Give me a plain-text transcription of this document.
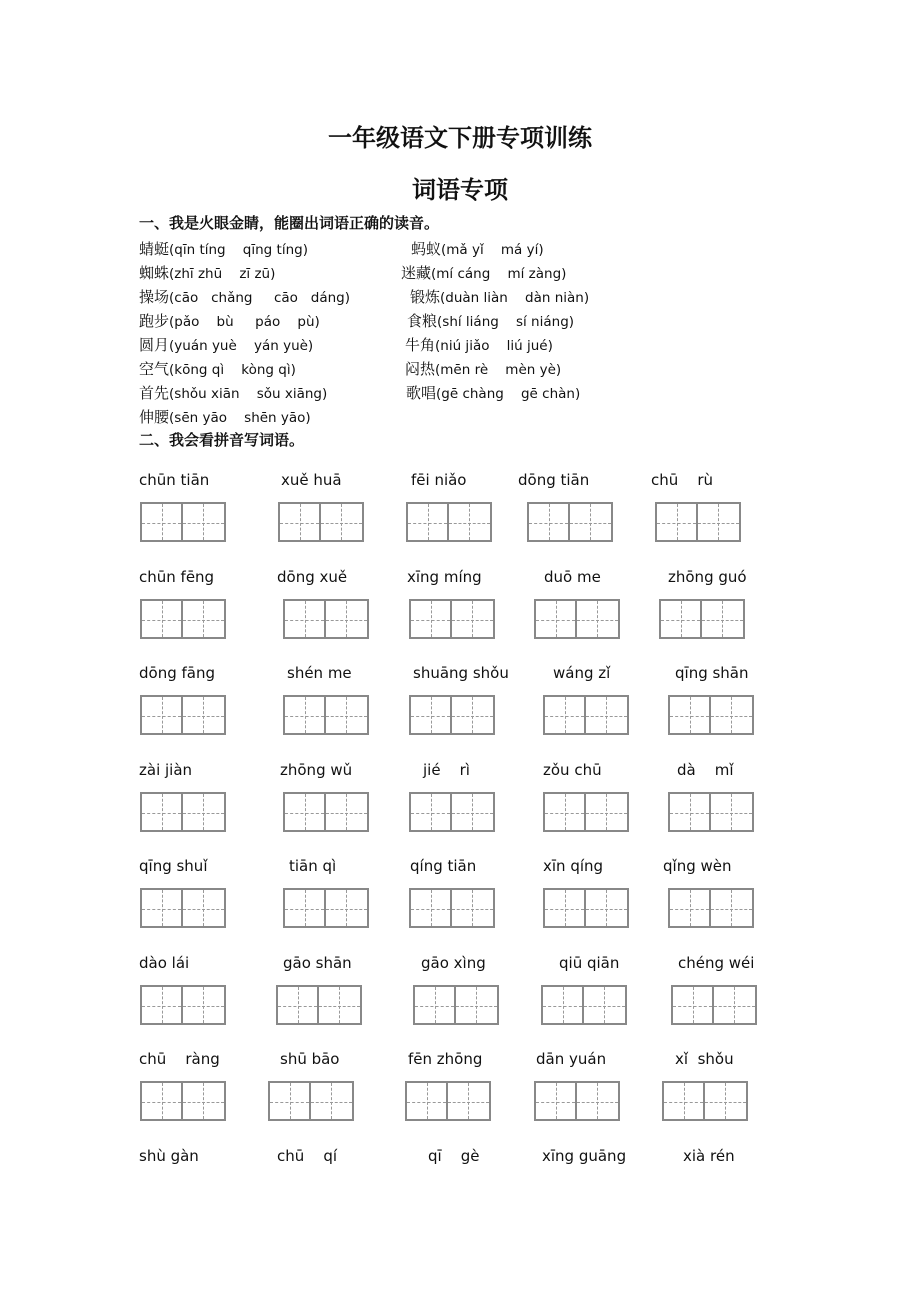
一年级语文下册专项训练
词语专项
一、我是火眼金睛，能圈出词语正确的读音。
蜻蜓(qīn tíng    qīng tíng)	蚂蚁(mǎ yǐ    má yí)
蜘蛛(zhī zhū    zī zū)	迷藏(mí cáng    mí zàng)
操场(cāo   chǎng     cāo   dáng)	锻炼(duàn liàn    dàn niàn)
跑步(pǎo    bù     páo    pù)	食粮(shí liáng    sí niáng)
圆月(yuán yuè    yán yuè)	牛角(niú jiǎo    liú jué)
空气(kōng qì    kòng qì)	闷热(mēn rè    mèn yè)
首先(shǒu xiān    sǒu xiāng)	歌唱(gē chàng    gē chàn)
伸腰(sēn yāo    shēn yāo)
二、我会看拼音写词语。
chūn tiān	xuě huā	fēi niǎo	dōng tiān	chū    rù
chūn fēng	dōng xuě	xīng míng	duō me	zhōng guó
dōng fāng	shén me	shuāng shǒu	wáng zǐ	qīng shān
zài jiàn	zhōng wǔ	jié    rì	zǒu chū	dà    mǐ
qīng shuǐ	tiān qì	qíng tiān	xīn qíng	qǐng wèn
dào lái	gāo shān	gāo xìng	qiū qiān	chéng wéi
chū    ràng	shū bāo	fēn zhōng	dān yuán	xǐ  shǒu
shù gàn	chū    qí	qī    gè	xīng guāng	xià rén
